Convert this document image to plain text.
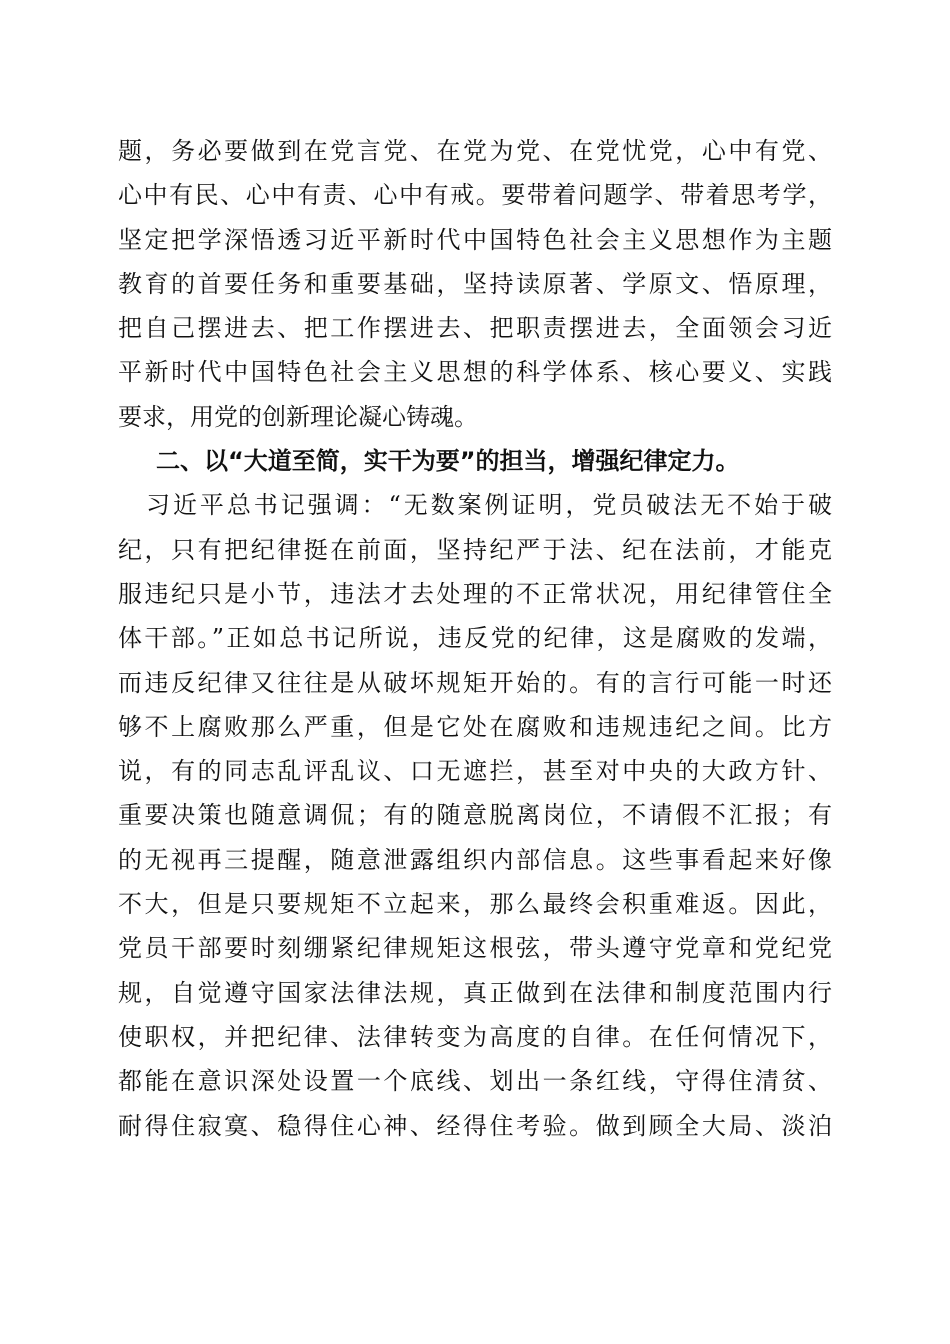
题，务必要做到在党言党、在党为党、在党忧党，心中有党、
心中有民、心中有责、心中有戒。要带着问题学、带着思考学，
坚定把学深悟透习近平新时代中国特色社会主义思想作为主题
教育的首要任务和重要基础，坚持读原著、学原文、悟原理，
把自己摆进去、把工作摆进去、把职责摆进去，全面领会习近
平新时代中国特色社会主义思想的科学体系、核心要义、实践
要求，用党的创新理论凝心铸魂。
二、以“大道至简，实干为要”的担当，增强纪律定力。
习近平总书记强调：“无数案例证明，党员破法无不始于破
纪，只有把纪律挺在前面，坚持纪严于法、纪在法前，才能克
服违纪只是小节，违法才去处理的不正常状况，用纪律管住全
体干部。”正如总书记所说，违反党的纪律，这是腐败的发端，
而违反纪律又往往是从破坏规矩开始的。有的言行可能一时还
够不上腐败那么严重，但是它处在腐败和违规违纪之间。比方
说，有的同志乱评乱议、口无遮拦，甚至对中央的大政方针、
重要决策也随意调侃；有的随意脱离岗位，不请假不汇报；有
的无视再三提醒，随意泄露组织内部信息。这些事看起来好像
不大，但是只要规矩不立起来，那么最终会积重难返。因此，
党员干部要时刻绷紧纪律规矩这根弦，带头遵守党章和党纪党
规，自觉遵守国家法律法规，真正做到在法律和制度范围内行
使职权，并把纪律、法律转变为高度的自律。在任何情况下，
都能在意识深处设置一个底线、划出一条红线，守得住清贫、
耐得住寂寞、稳得住心神、经得住考验。做到顾全大局、淡泊
